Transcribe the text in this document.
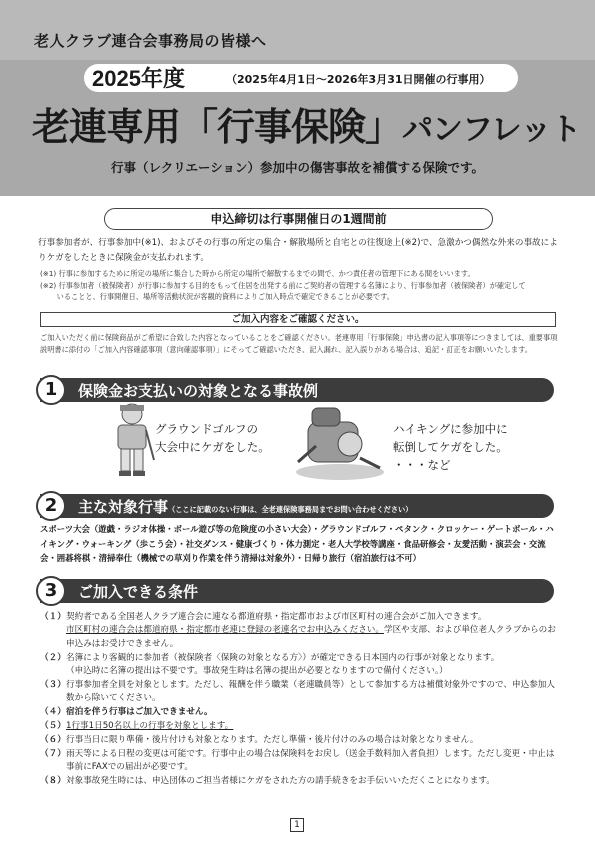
老人クラブ連合会事務局の皆様へ
2025年度	（2025年4月1日～2026年3月31日開催の行事用）
老連専用「行事保険」パンフレット
行事（レクリエーション）参加中の傷害事故を補償する保険です。
申込締切は行事開催日の1週間前
行事参加者が、行事参加中(※1)、およびその行事の所定の集合・解散場所と自宅との往復途上(※2)で、急激かつ偶然な外来の事故によりケガをしたときに保険金が支払われます。
(※1) 行事に参加するために所定の場所に集合した時から所定の場所で解散するまでの間で、かつ責任者の管理下にある間をいいます。
(※2) 行事参加者（被保険者）が行事に参加する目的をもって住居を出発する前にご契約者の管理する名簿により、行事参加者（被保険者）が確定して
　　 いることと、行事開催日、場所等活動状況が客観的資料によりご加入時点で確定できることが必要です。
ご加入内容をご確認ください。
ご加入いただく前に保険商品がご希望に合致した内容となっていることをご確認ください。老連専用「行事保険」申込書の記入事項等につきましては、重要事項説明書に添付の「ご加入内容確認事項（意向確認事項）」にそってご確認いただき、記入漏れ、記入誤りがある場合は、追記・訂正をお願いいたします。
1	保険金お支払いの対象となる事故例
グラウンドゴルフの
大会中にケガをした。
ハイキングに参加中に
転倒してケガをした。
・・・など
2	主な対象行事（ここに記載のない行事は、全老連保険事務局までお問い合わせください）
スポーツ大会（遊戯・ラジオ体操・ボール遊び等の危険度の小さい大会）・グラウンドゴルフ・ペタンク・クロッケー・ゲートボール・ハイキング・ウォーキング（歩こう会）・社交ダンス・健康づくり・体力測定・老人大学校等講座・食品研修会・友愛活動・演芸会・交流会・囲碁将棋・清掃奉仕（機械での草刈り作業を伴う清掃は対象外）・日帰り旅行（宿泊旅行は不可）
3	ご加入できる条件
（１） 契約者である全国老人クラブ連合会に連なる都道府県・指定都市および市区町村の連合会がご加入できます。
市区町村の連合会は都道府県・指定都市老連に登録の老連名でお申込みください。学区や支部、および単位老人クラブからのお申込みはお受けできません。
（２） 名簿により客観的に参加者（被保険者〈保険の対象となる方〉）が確定できる日本国内の行事が対象となります。
（申込時に名簿の提出は不要です。事故発生時は名簿の提出が必要となりますので備付ください。）
（３） 行事参加者全員を対象とします。ただし、報酬を伴う職業（老連職員等）として参加する方は補償対象外ですので、申込参加人数から除いてください。
（４） 宿泊を伴う行事はご加入できません。
（５） 1行事1日50名以上の行事を対象とします。
（６） 行事当日に限り準備・後片付けも対象となります。ただし準備・後片付けのみの場合は対象となりません。
（７） 雨天等による日程の変更は可能です。行事中止の場合は保険料をお戻し（送金手数料加入者負担）します。ただし変更・中止は事前にFAXでの届出が必要です。
（８） 対象事故発生時には、申込団体のご担当者様にケガをされた方の請手続きをお手伝いいただくことになります。
1
